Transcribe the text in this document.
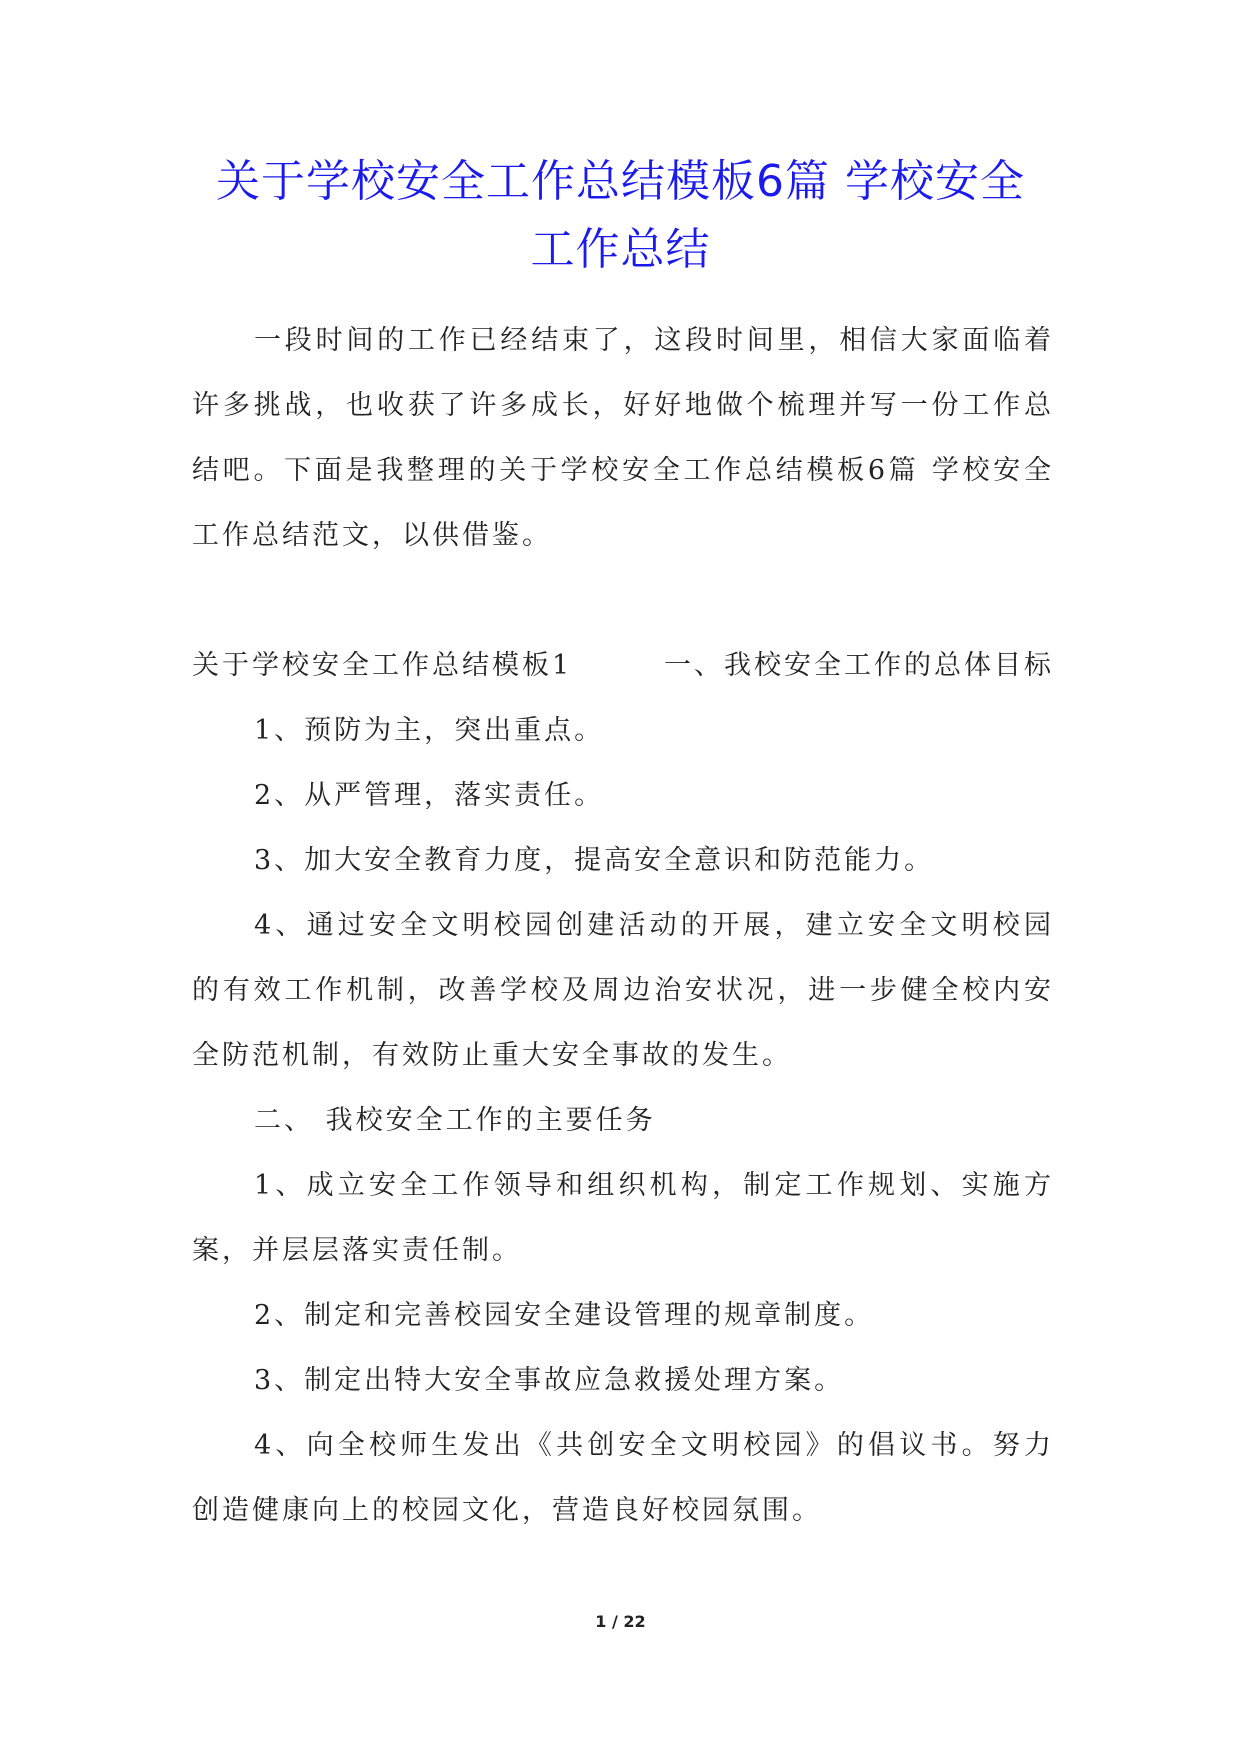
关于学校安全工作总结模板6篇 学校安全
工作总结

一段时间的工作已经结束了，这段时间里，相信大家面临着许多挑战，也收获了许多成长，好好地做个梳理并写一份工作总结吧。下面是我整理的关于学校安全工作总结模板6篇 学校安全工作总结范文，以供借鉴。

关于学校安全工作总结模板1	一、我校安全工作的总体目标

1、预防为主，突出重点。

2、从严管理，落实责任。

3、加大安全教育力度，提高安全意识和防范能力。

4、通过安全文明校园创建活动的开展，建立安全文明校园的有效工作机制，改善学校及周边治安状况，进一步健全校内安全防范机制，有效防止重大安全事故的发生。

二、 我校安全工作的主要任务

1、成立安全工作领导和组织机构，制定工作规划、实施方案，并层层落实责任制。

2、制定和完善校园安全建设管理的规章制度。

3、制定出特大安全事故应急救援处理方案。

4、向全校师生发出《共创安全文明校园》的倡议书。努力创造健康向上的校园文化，营造良好校园氛围。

1 / 22
